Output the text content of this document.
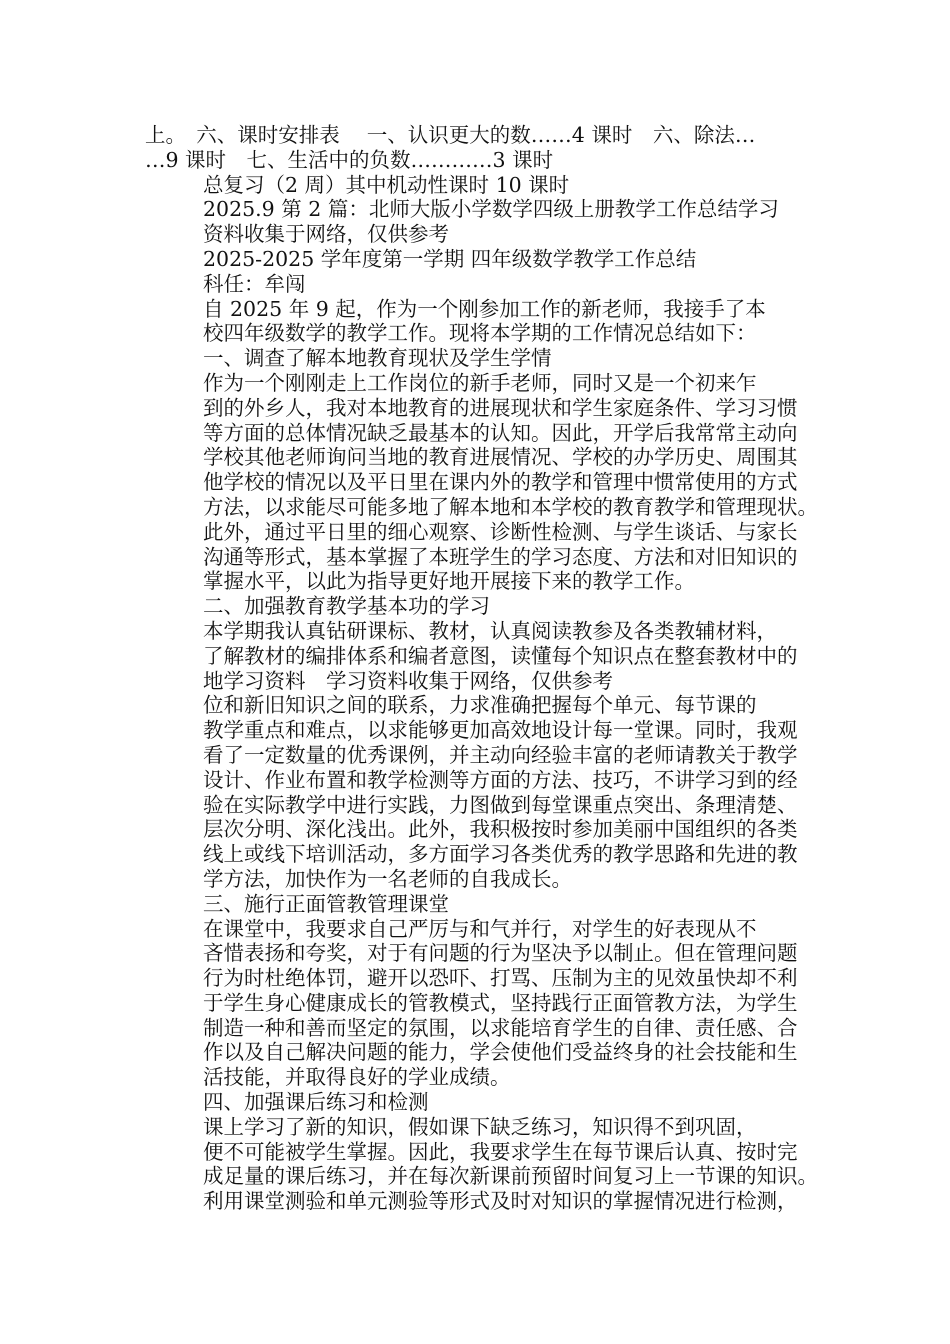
上。　六、课时安排表　 一、认识更大的数……4 课时　六、除法…
…9 课时　七、生活中的负数…………3 课时

总复习（2 周）其中机动性课时 10 课时

2025.9 第 2 篇：北师大版小学数学四级上册教学工作总结学习
资料收集于网络，仅供参考

2025-2025 学年度第一学期 四年级数学教学工作总结

科任：牟闯

自 2025 年 9 起，作为一个刚参加工作的新老师，我接手了本
校四年级数学的教学工作。现将本学期的工作情况总结如下：

一、调查了解本地教育现状及学生学情

作为一个刚刚走上工作岗位的新手老师，同时又是一个初来乍
到的外乡人，我对本地教育的进展现状和学生家庭条件、学习习惯
等方面的总体情况缺乏最基本的认知。因此，开学后我常常主动向
学校其他老师询问当地的教育进展情况、学校的办学历史、周围其
他学校的情况以及平日里在课内外的教学和管理中惯常使用的方式
方法，以求能尽可能多地了解本地和本学校的教育教学和管理现状。
此外，通过平日里的细心观察、诊断性检测、与学生谈话、与家长
沟通等形式，基本掌握了本班学生的学习态度、方法和对旧知识的
掌握水平，以此为指导更好地开展接下来的教学工作。

二、加强教育教学基本功的学习

本学期我认真钻研课标、教材，认真阅读教参及各类教辅材料，
了解教材的编排体系和编者意图，读懂每个知识点在整套教材中的
地学习资料　学习资料收集于网络，仅供参考

位和新旧知识之间的联系，力求准确把握每个单元、每节课的
教学重点和难点，以求能够更加高效地设计每一堂课。同时，我观
看了一定数量的优秀课例，并主动向经验丰富的老师请教关于教学
设计、作业布置和教学检测等方面的方法、技巧，不讲学习到的经
验在实际教学中进行实践，力图做到每堂课重点突出、条理清楚、
层次分明、深化浅出。此外，我积极按时参加美丽中国组织的各类
线上或线下培训活动，多方面学习各类优秀的教学思路和先进的教
学方法，加快作为一名老师的自我成长。

三、施行正面管教管理课堂

在课堂中，我要求自己严厉与和气并行，对学生的好表现从不
吝惜表扬和夸奖，对于有问题的行为坚决予以制止。但在管理问题
行为时杜绝体罚，避开以恐吓、打骂、压制为主的见效虽快却不利
于学生身心健康成长的管教模式，坚持践行正面管教方法，为学生
制造一种和善而坚定的氛围，以求能培育学生的自律、责任感、合
作以及自己解决问题的能力，学会使他们受益终身的社会技能和生
活技能，并取得良好的学业成绩。

四、加强课后练习和检测

课上学习了新的知识，假如课下缺乏练习，知识得不到巩固，
便不可能被学生掌握。因此，我要求学生在每节课后认真、按时完
成足量的课后练习，并在每次新课前预留时间复习上一节课的知识。
利用课堂测验和单元测验等形式及时对知识的掌握情况进行检测，
